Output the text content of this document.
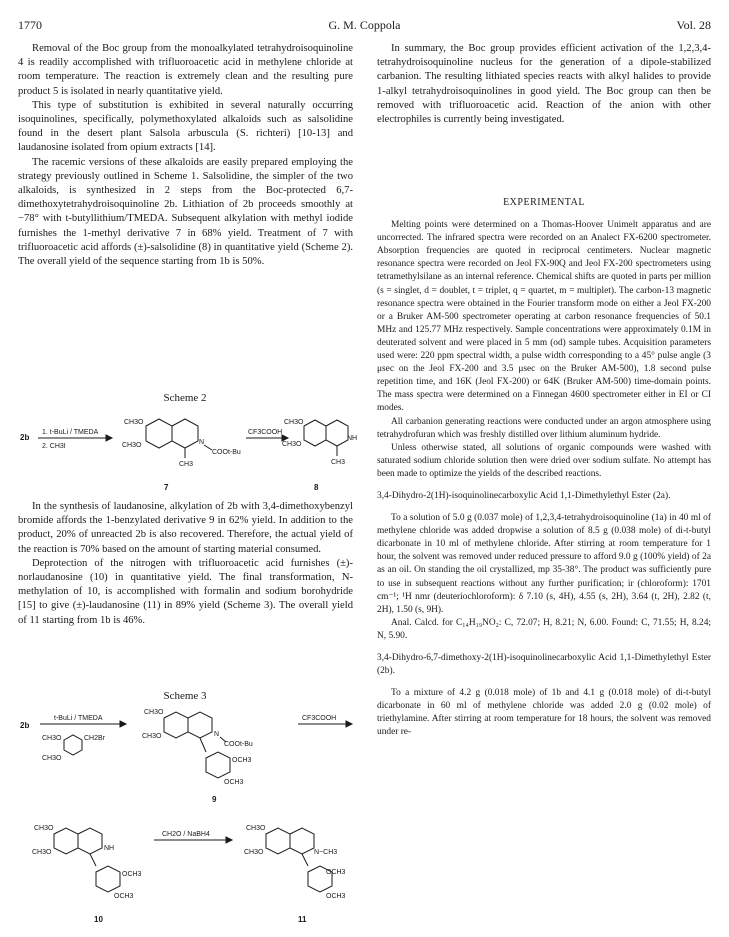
1770	G. M. Coppola	Vol. 28

Removal of the Boc group from the monoalkylated tetrahydroisoquinoline 4 is readily accomplished with trifluoroacetic acid in methylene chloride at room temperature. The reaction is extremely clean and the resulting pure product 5 is isolated in nearly quantitative yield.

This type of substitution is exhibited in several naturally occurring isoquinolines, specifically, polymethoxylated alkaloids such as salsolidine found in the desert plant Salsola arbuscula (S. richteri) [10-13] and laudanosine isolated from opium extracts [14].

The racemic versions of these alkaloids are easily prepared employing the strategy previously outlined in Scheme 1. Salsolidine, the simpler of the two alkaloids, is synthesized in 2 steps from the Boc-protected 6,7-dimethoxytetrahydroisoquinoline 2b. Lithiation of 2b proceeds smoothly at −78° with t-butyllithium/TMEDA. Subsequent alkylation with methyl iodide furnishes the 1-methyl derivative 7 in 68% yield. Treatment of 7 with trifluoroacetic acid affords (±)-salsolidine (8) in quantitative yield (Scheme 2). The overall yield of the sequence starting from 1b is 50%.

Scheme 2
2b
1. t-BuLi / TMEDA
2. CH3I
CH3O
CH3O	N
COOt-Bu
CH3
7
CF3COOH
CH3O
CH3O
NH
CH3
8

In the synthesis of laudanosine, alkylation of 2b with 3,4-dimethoxybenzyl bromide affords the 1-benzylated derivative 9 in 62% yield. In addition to the product, 20% of unreacted 2b is also recovered. Therefore, the actual yield of the reaction is 70% based on the amount of starting material consumed.

Deprotection of the nitrogen with trifluoroacetic acid furnishes (±)-norlaudanosine (10) in quantitative yield. The final transformation, N-methylation of 10, is accomplished with formalin and sodium borohydride [15] to give (±)-laudanosine (11) in 89% yield (Scheme 3). The overall yield of 11 starting from 1b is 46%.

Scheme 3
2b
t-BuLi / TMEDA
CH3O
CH3O
CH2Br
CH3O
CH3O	N
COOt-Bu
OCH3
OCH3
9
CF3COOH
CH3O
CH3O
NH
OCH3
OCH3
10
CH2O / NaBH4
CH3O
CH3O	N−CH3
OCH3
OCH3
11

In summary, the Boc group provides efficient activation of the 1,2,3,4-tetrahydroisoquinoline nucleus for the generation of a dipole-stabilized carbanion. The resulting lithiated species reacts with alkyl halides to provide 1-alkyl tetrahydroisoquinolines in good yield. The Boc group can then be removed with trifluoroacetic acid. Reaction of the anion with other electrophiles is currently being investigated.

EXPERIMENTAL

Melting points were determined on a Thomas-Hoover Unimelt apparatus and are uncorrected. The infrared spectra were recorded on an Analect FX-6200 spectrometer. Absorption frequencies are quoted in reciprocal centimeters. Nuclear magnetic resonance spectra were recorded on Jeol FX-90Q and Jeol FX-200 spectrometers using tetramethylsilane as an internal reference. Chemical shifts are quoted in parts per million (s = singlet, d = doublet, t = triplet, q = quartet, m = multiplet). The carbon-13 magnetic resonance spectra were obtained in the Fourier transform mode on either a Jeol FX-200 or a Bruker AM-500 spectrometer operating at carbon resonance frequencies of 50.1 MHz and 125.77 MHz respectively. Sample concentrations were approximately 0.1M in deuterated solvent and were placed in 5 mm (od) sample tubes. Acquisition parameters used were: 220 ppm spectral width, a pulse width corresponding to a 45° pulse angle (3 μsec on the Jeol FX-200 and 3.5 μsec on the Bruker AM-500), 1.8 second pulse repetition time, and 16K (Jeol FX-200) or 64K (Bruker AM-500) time-domain points. The mass spectra were determined on a Finnegan 4600 spectrometer either in EI or CI modes.

All carbanion generating reactions were conducted under an argon atmosphere using tetrahydrofuran which was freshly distilled over lithium aluminum hydride.

Unless otherwise stated, all solutions of organic compounds were washed with saturated sodium chloride solution then were dried over sodium sulfate. No attempt has been made to optimize the yields of the described reactions.

3,4-Dihydro-2(1H)-isoquinolinecarboxylic Acid 1,1-Dimethylethyl Ester (2a).

To a solution of 5.0 g (0.037 mole) of 1,2,3,4-tetrahydroisoquinoline (1a) in 40 ml of methylene chloride was added dropwise a solution of 8.5 g (0.038 mole) of di-t-butyl dicarbonate in 10 ml of methylene chloride. After stirring at room temperature for 1 hour, the solvent was removed under reduced pressure to afford 9.0 g (100% yield) of 2a as an oil. On standing the oil crystallized, mp 35-38°. The product was sufficiently pure to use in subsequent reactions without any further purification; ir (chloroform): 1701 cm⁻¹; ¹H nmr (deuteriochloroform): δ 7.10 (s, 4H), 4.55 (s, 2H), 3.64 (t, 2H), 2.82 (t, 2H), 1.50 (s, 9H).

Anal. Calcd. for C₁₄H₁₉NO₂: C, 72.07; H, 8.21; N, 6.00. Found: C, 71.55; H, 8.24; N, 5.90.

3,4-Dihydro-6,7-dimethoxy-2(1H)-isoquinolinecarboxylic Acid 1,1-Dimethylethyl Ester (2b).

To a mixture of 4.2 g (0.018 mole) of 1b and 4.1 g (0.018 mole) of di-t-butyl dicarbonate in 60 ml of methylene chloride was added 2.0 g (0.02 mole) of triethylamine. After stirring at room temperature for 18 hours, the solvent was removed under re-
